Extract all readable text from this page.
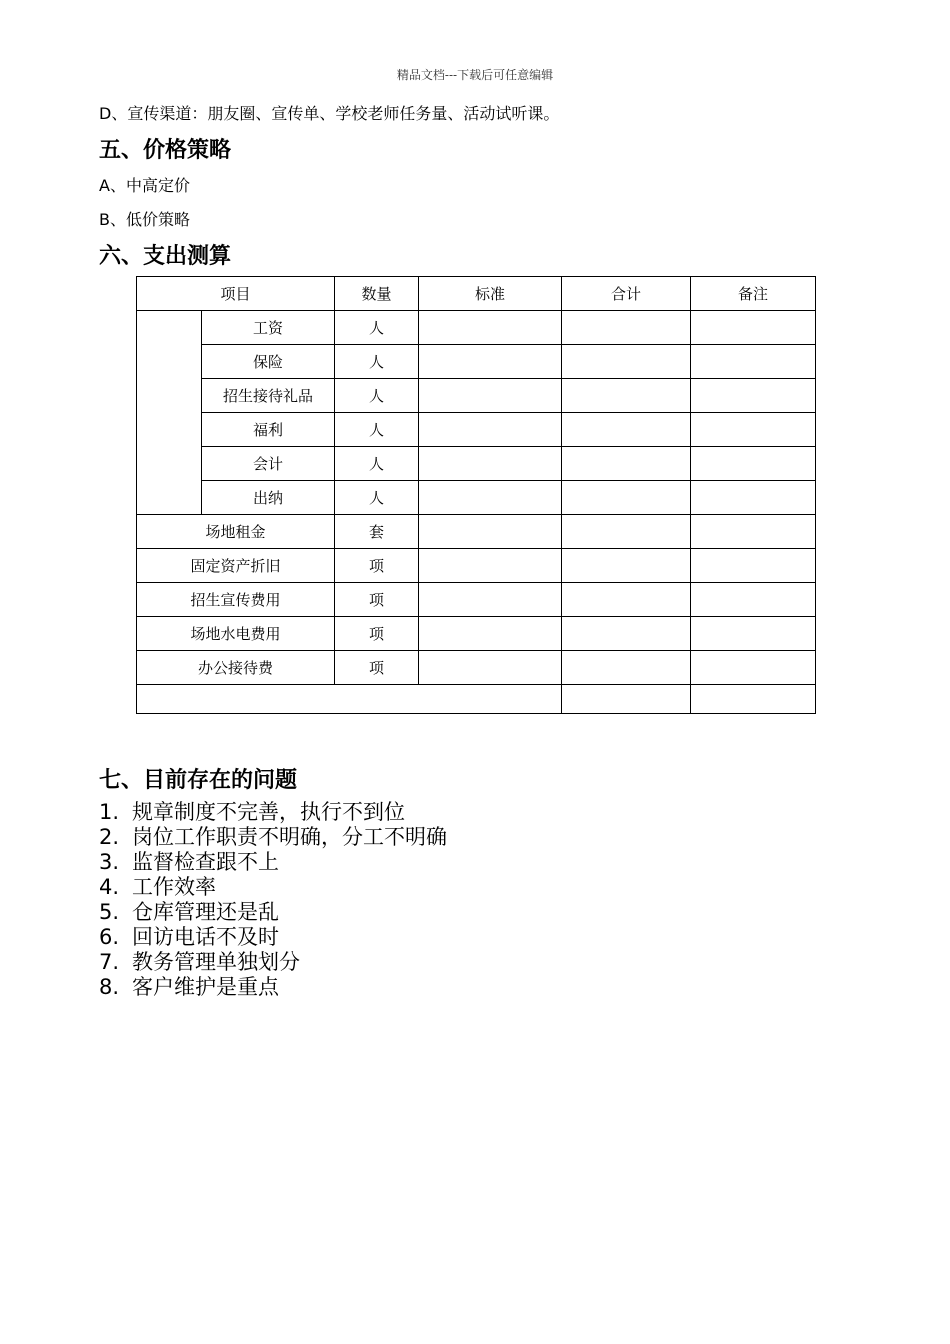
精品文档---下载后可任意编辑
D、宣传渠道：朋友圈、宣传单、学校老师任务量、活动试听课。
五、价格策略
A、中高定价
B、低价策略
六、支出测算
项目		数量	标准	合计	备注
	工资	人			
	保险	人			
	招生接待礼品	人			
	福利	人			
	会计	人			
	出纳	人			
场地租金		套			
固定资产折旧		项			
招生宣传费用		项			
场地水电费用		项			
办公接待费		项			

七、目前存在的问题
1. 规章制度不完善，执行不到位
2. 岗位工作职责不明确，分工不明确
3. 监督检查跟不上
4. 工作效率
5. 仓库管理还是乱
6. 回访电话不及时
7. 教务管理单独划分
8. 客户维护是重点
